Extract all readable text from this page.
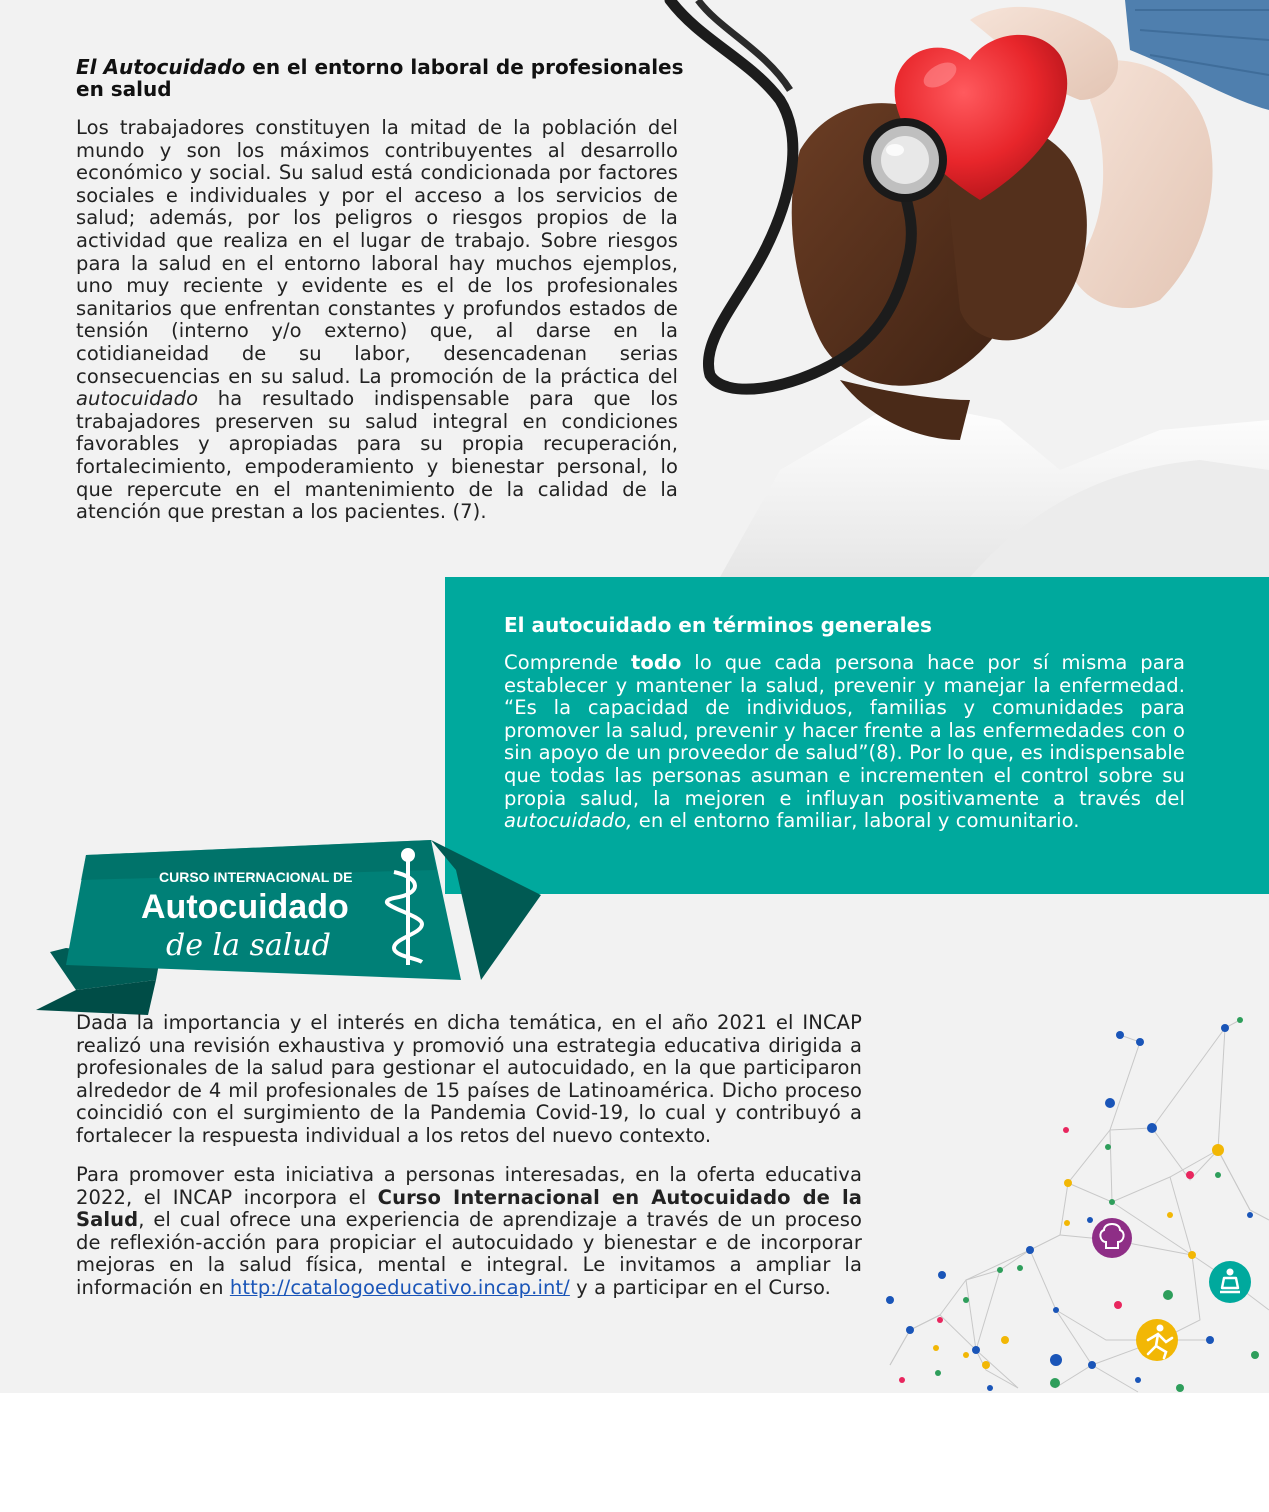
El Autocuidado en el entorno laboral de profesionales en salud

Los trabajadores constituyen la mitad de la población del mundo y son los máximos contribuyentes al desarrollo económico y social. Su salud está condicionada por factores sociales e individuales y por el acceso a los servicios de salud; además, por los peligros o riesgos propios de la actividad que realiza en el lugar de trabajo. Sobre riesgos para la salud en el entorno laboral hay muchos ejemplos, uno muy reciente y evidente es el de los profesionales sanitarios que enfrentan constantes y profundos estados de tensión (interno y/o externo) que, al darse en la cotidianeidad de su labor, desencadenan serias consecuencias en su salud. La promoción de la práctica del autocuidado ha resultado indispensable para que los trabajadores preserven su salud integral en condiciones favorables y apropiadas para su propia recuperación, fortalecimiento, empoderamiento y bienestar personal, lo que repercute en el mantenimiento de la calidad de la atención que prestan a los pacientes. (7).

El autocuidado en términos generales

Comprende todo lo que cada persona hace por sí misma para establecer y mantener la salud, prevenir y manejar la enfermedad. “Es la capacidad de individuos, familias y comunidades para promover la salud, prevenir y hacer frente a las enfermedades con o sin apoyo de un proveedor de salud”(8). Por lo que, es indispensable que todas las personas asuman e incrementen el control sobre su propia salud, la mejoren e influyan positivamente a través del autocuidado, en el entorno familiar, laboral y comunitario.

CURSO INTERNACIONAL DE
Autocuidado
de la salud

Dada la importancia y el interés en dicha temática, en el año 2021 el INCAP realizó una revisión exhaustiva y promovió una estrategia educativa dirigida a profesionales de la salud para gestionar el autocuidado, en la que participaron alrededor de 4 mil profesionales de 15 países de Latinoamérica. Dicho proceso coincidió con el surgimiento de la Pandemia Covid-19, lo cual y contribuyó a fortalecer la respuesta individual a los retos del nuevo contexto.

Para promover esta iniciativa a personas interesadas, en la oferta educativa 2022, el INCAP incorpora el Curso Internacional en Autocuidado de la Salud, el cual ofrece una experiencia de aprendizaje a través de un proceso de reflexión-acción para propiciar el autocuidado y bienestar e de incorporar mejoras en la salud física, mental e integral. Le invitamos a ampliar la información en http://catalogoeducativo.incap.int/ y a participar en el Curso.
